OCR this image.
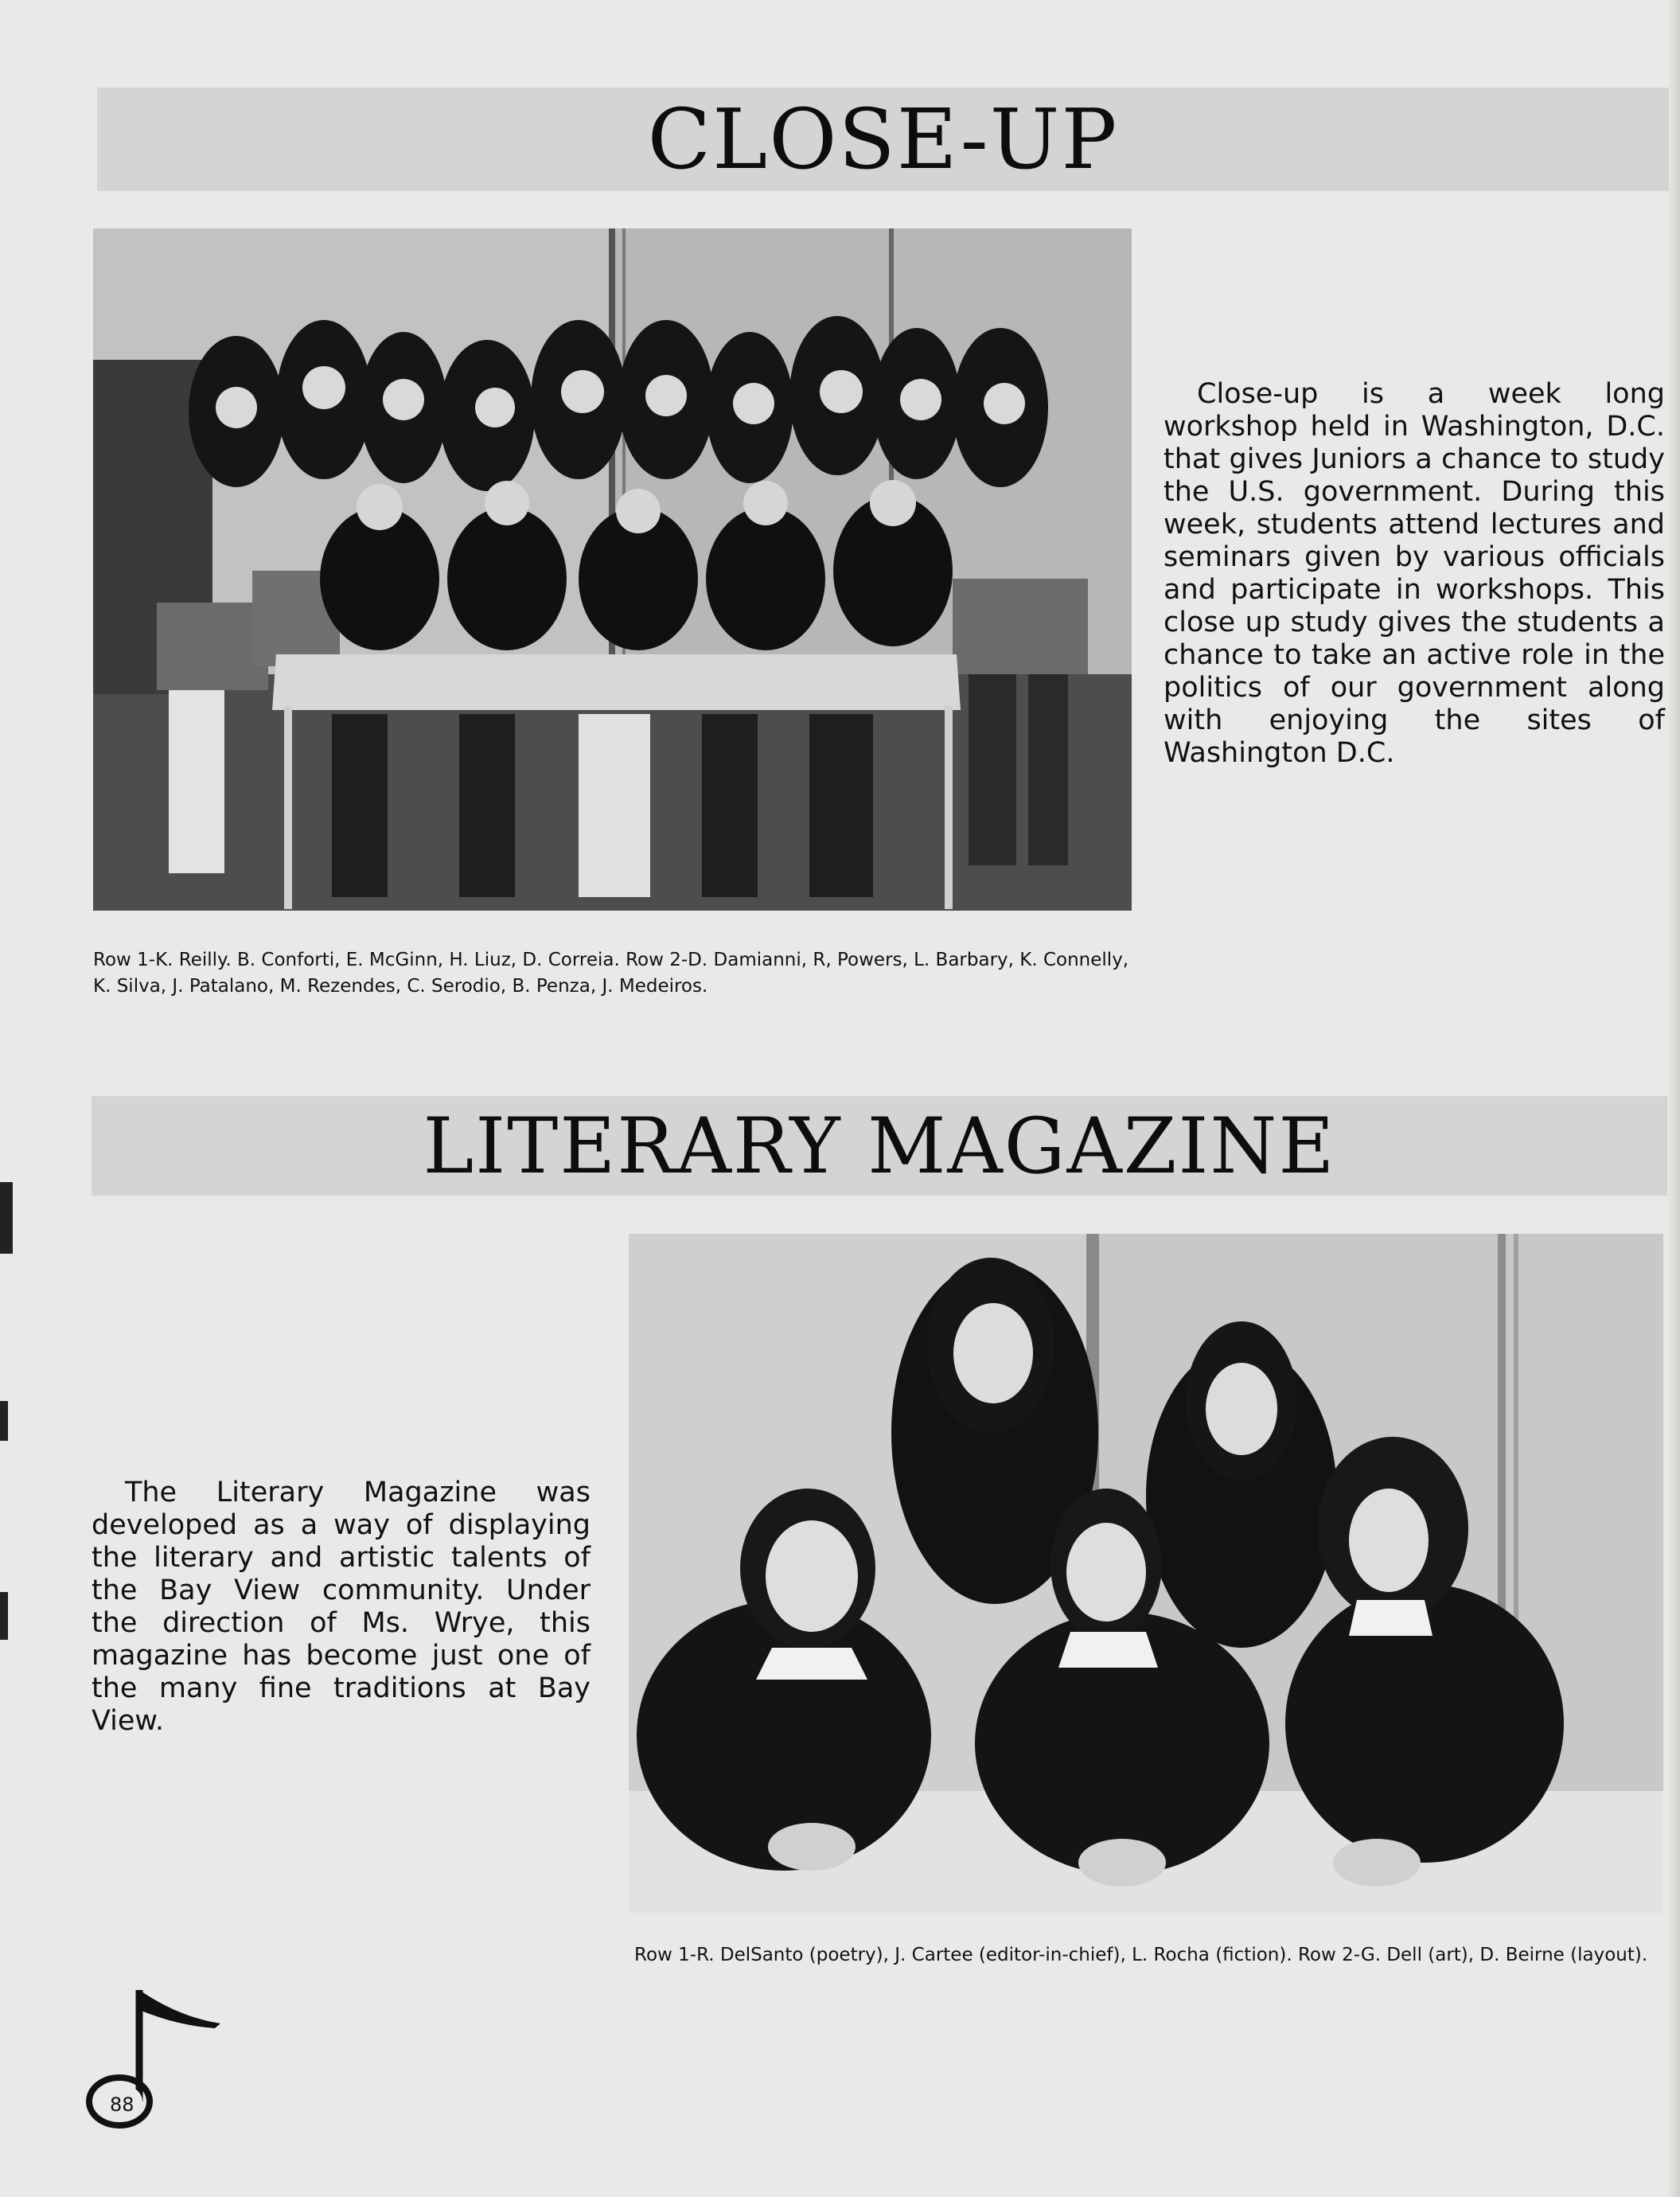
CLOSE-UP

Close-up is a week long workshop held in Washington, D.C. that gives Juniors a chance to study the U.S. government. During this week, students attend lectures and seminars given by various officials and participate in workshops. This close up study gives the students a chance to take an active role in the politics of our government along with enjoying the sites of Washington D.C.

Row 1-K. Reilly. B. Conforti, E. McGinn, H. Liuz, D. Correia. Row 2-D. Damianni, R, Powers, L. Barbary, K. Connelly, K. Silva, J. Patalano, M. Rezendes, C. Serodio, B. Penza, J. Medeiros.

LITERARY MAGAZINE

The Literary Magazine was developed as a way of displaying the literary and artistic talents of the Bay View community. Under the direction of Ms. Wrye, this magazine has become just one of the many fine traditions at Bay View.

Row 1-R. DelSanto (poetry), J. Cartee (editor-in-chief), L. Rocha (fiction). Row 2-G. Dell (art), D. Beirne (layout).

88
